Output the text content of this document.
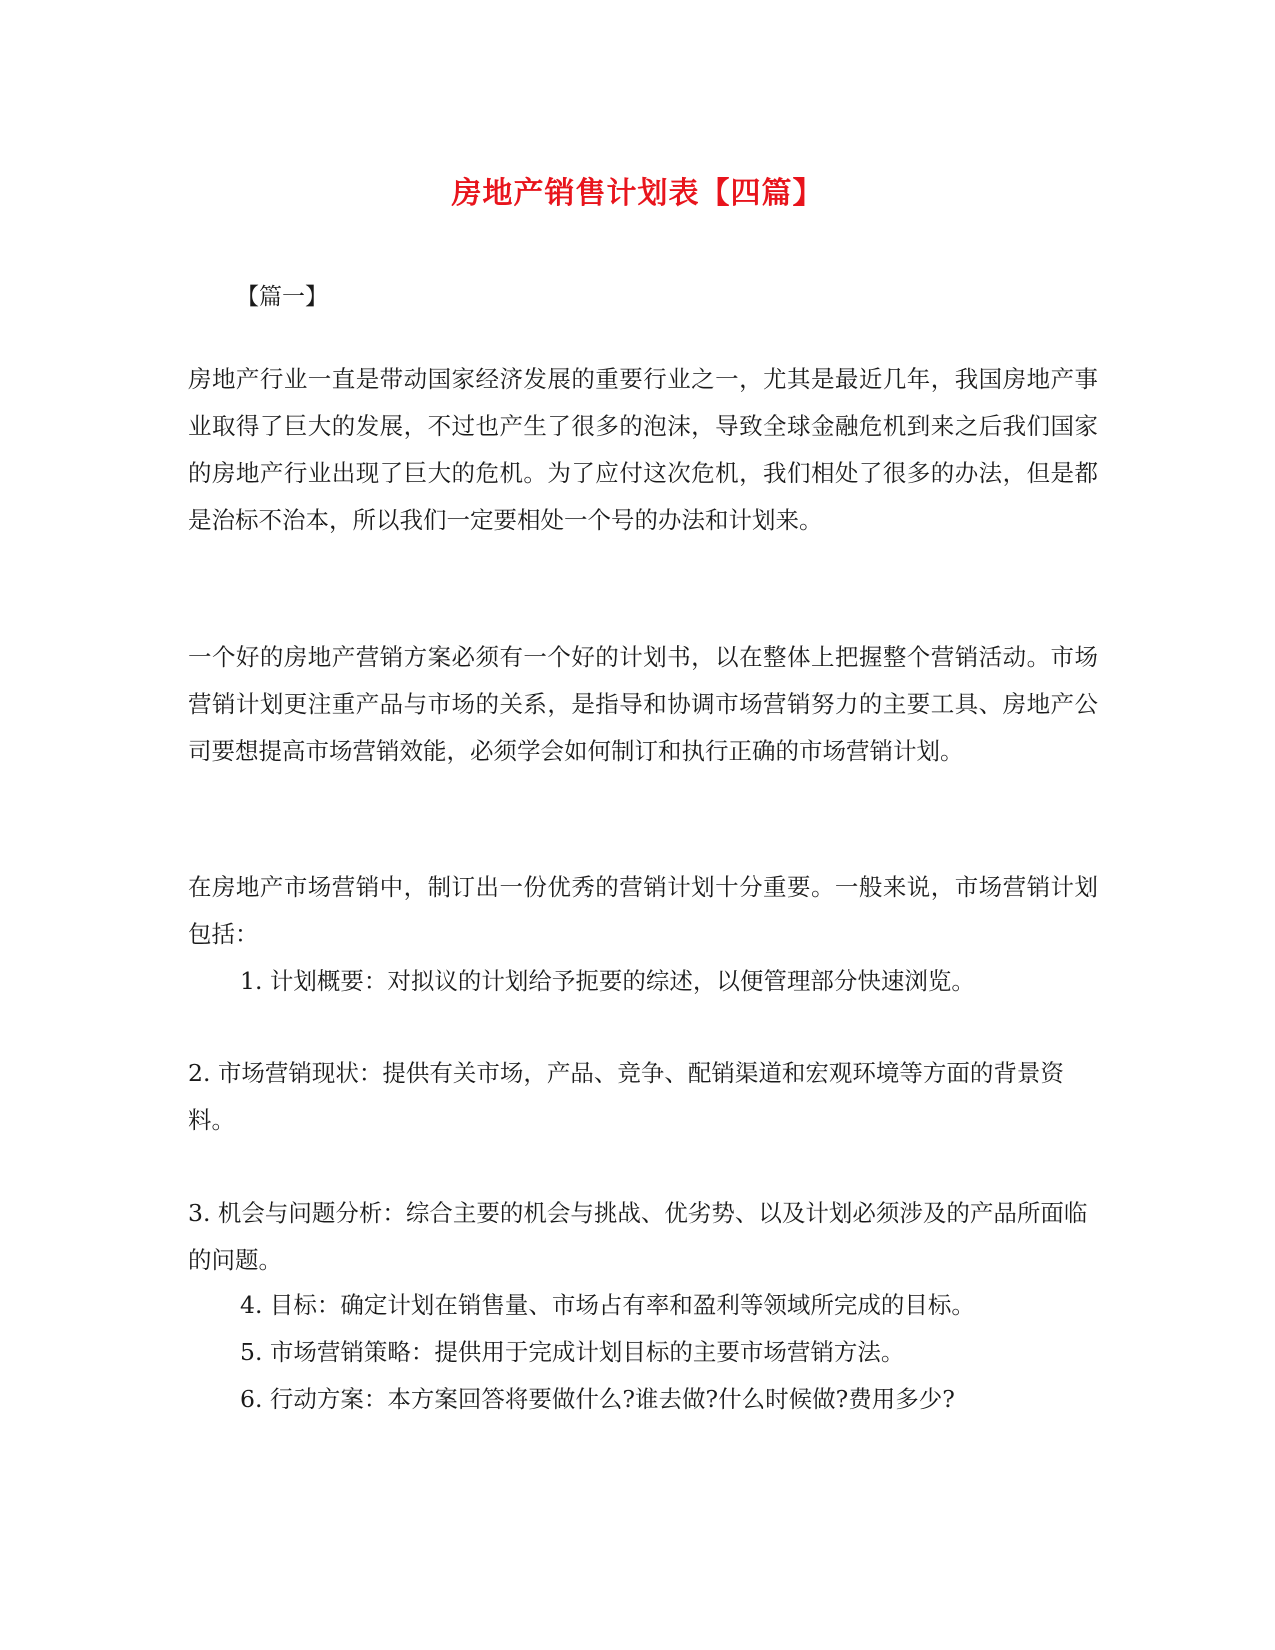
房地产销售计划表【四篇】
【篇一】

房地产行业一直是带动国家经济发展的重要行业之一，尤其是最近几年，我国房地产事业取得了巨大的发展，不过也产生了很多的泡沫，导致全球金融危机到来之后我们国家的房地产行业出现了巨大的危机。为了应付这次危机，我们相处了很多的办法，但是都是治标不治本，所以我们一定要相处一个号的办法和计划来。

一个好的房地产营销方案必须有一个好的计划书，以在整体上把握整个营销活动。市场营销计划更注重产品与市场的关系，是指导和协调市场营销努力的主要工具、房地产公司要想提高市场营销效能，必须学会如何制订和执行正确的市场营销计划。

在房地产市场营销中，制订出一份优秀的营销计划十分重要。一般来说，市场营销计划包括：

1. 计划概要：对拟议的计划给予扼要的综述，以便管理部分快速浏览。

2. 市场营销现状：提供有关市场，产品、竞争、配销渠道和宏观环境等方面的背景资料。

3. 机会与问题分析：综合主要的机会与挑战、优劣势、以及计划必须涉及的产品所面临的问题。

4. 目标：确定计划在销售量、市场占有率和盈利等领域所完成的目标。

5. 市场营销策略：提供用于完成计划目标的主要市场营销方法。

6. 行动方案：本方案回答将要做什么?谁去做?什么时候做?费用多少?
